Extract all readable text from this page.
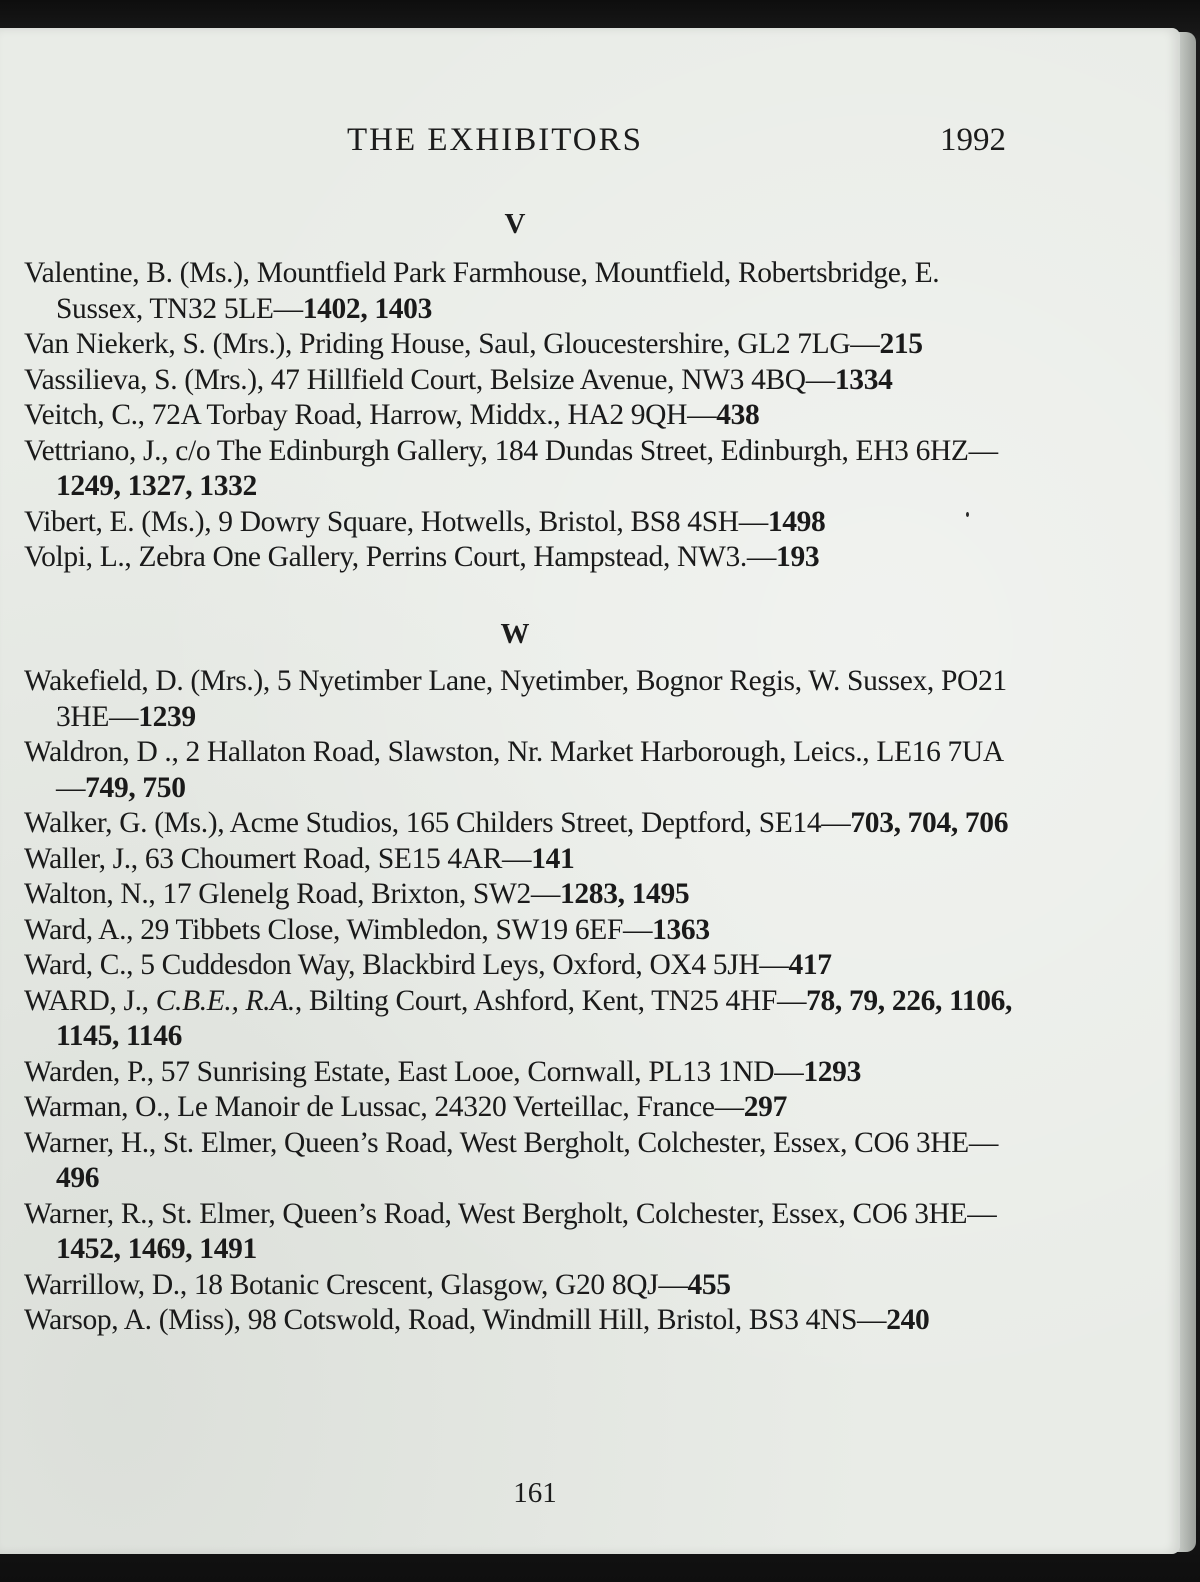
THE EXHIBITORS	1992
V

Valentine, B. (Ms.), Mountfield Park Farmhouse, Mountfield, Robertsbridge, E. Sussex, TN32 5LE—1402, 1403

Van Niekerk, S. (Mrs.), Priding House, Saul, Gloucestershire, GL2 7LG—215

Vassilieva, S. (Mrs.), 47 Hillfield Court, Belsize Avenue, NW3 4BQ—1334

Veitch, C., 72A Torbay Road, Harrow, Middx., HA2 9QH—438

Vettriano, J., c/o The Edinburgh Gallery, 184 Dundas Street, Edinburgh, EH3 6HZ—1249, 1327, 1332

Vibert, E. (Ms.), 9 Dowry Square, Hotwells, Bristol, BS8 4SH—1498

Volpi, L., Zebra One Gallery, Perrins Court, Hampstead, NW3.—193

W

Wakefield, D. (Mrs.), 5 Nyetimber Lane, Nyetimber, Bognor Regis, W. Sussex, PO21 3HE—1239

Waldron, D ., 2 Hallaton Road, Slawston, Nr. Market Harborough, Leics., LE16 7UA—749, 750

Walker, G. (Ms.), Acme Studios, 165 Childers Street, Deptford, SE14—703, 704, 706

Waller, J., 63 Choumert Road, SE15 4AR—141

Walton, N., 17 Glenelg Road, Brixton, SW2—1283, 1495

Ward, A., 29 Tibbets Close, Wimbledon, SW19 6EF—1363

Ward, C., 5 Cuddesdon Way, Blackbird Leys, Oxford, OX4 5JH—417

WARD, J., C.B.E., R.A., Bilting Court, Ashford, Kent, TN25 4HF—78, 79, 226, 1106, 1145, 1146

Warden, P., 57 Sunrising Estate, East Looe, Cornwall, PL13 1ND—1293

Warman, O., Le Manoir de Lussac, 24320 Verteillac, France—297

Warner, H., St. Elmer, Queen’s Road, West Bergholt, Colchester, Essex, CO6 3HE—496

Warner, R., St. Elmer, Queen’s Road, West Bergholt, Colchester, Essex, CO6 3HE—1452, 1469, 1491

Warrillow, D., 18 Botanic Crescent, Glasgow, G20 8QJ—455

Warsop, A. (Miss), 98 Cotswold, Road, Windmill Hill, Bristol, BS3 4NS—240

161
